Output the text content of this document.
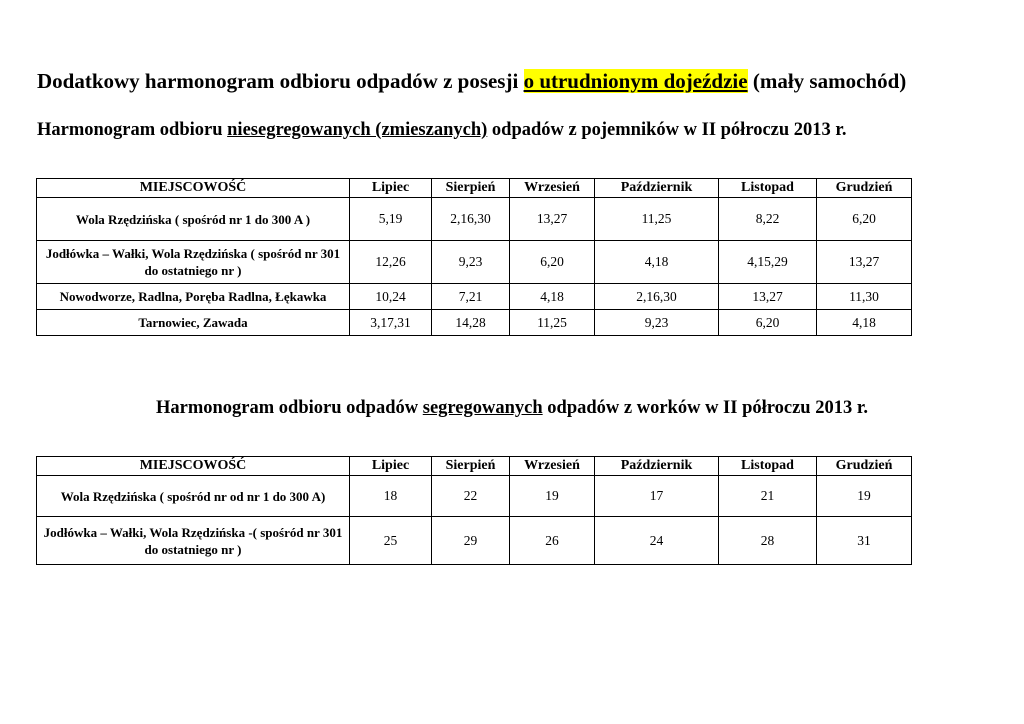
Dodatkowy harmonogram odbioru odpadów z posesji o utrudnionym dojeździe (mały samochód)
Harmonogram odbioru niesegregowanych (zmieszanych) odpadów z pojemników w II półroczu 2013 r.
MIEJSCOWOŚĆ	Lipiec	Sierpień	Wrzesień	Październik	Listopad	Grudzień
Wola Rzędzińska ( spośród nr 1 do 300 A )	5,19	2,16,30	13,27	11,25	8,22	6,20
Jodłówka – Wałki, Wola Rzędzińska ( spośród nr 301 do ostatniego nr )	12,26	9,23	6,20	4,18	4,15,29	13,27
Nowodworze, Radlna, Poręba Radlna, Łękawka	10,24	7,21	4,18	2,16,30	13,27	11,30
Tarnowiec, Zawada	3,17,31	14,28	11,25	9,23	6,20	4,18
Harmonogram odbioru odpadów segregowanych odpadów z worków w II półroczu 2013 r.
MIEJSCOWOŚĆ	Lipiec	Sierpień	Wrzesień	Październik	Listopad	Grudzień
Wola Rzędzińska ( spośród nr od nr 1 do 300 A)	18	22	19	17	21	19
Jodłówka – Wałki, Wola Rzędzińska -( spośród nr 301 do ostatniego nr )	25	29	26	24	28	31
